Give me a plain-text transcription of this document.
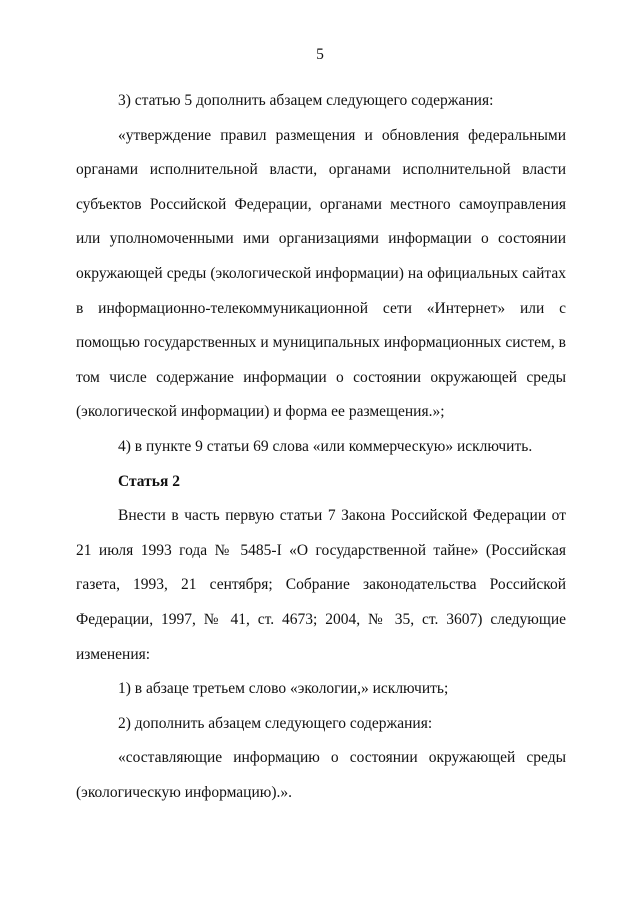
5

3) статью 5 дополнить абзацем следующего содержания:

«утверждение правил размещения и обновления федеральными органами исполнительной власти, органами исполнительной власти субъектов Российской Федерации, органами местного самоуправления или уполномоченными ими организациями информации о состоянии окружающей среды (экологической информации) на официальных сайтах в информационно-телекоммуникационной сети «Интернет» или с помощью государственных и муниципальных информационных систем, в том числе содержание информации о состоянии окружающей среды (экологической информации) и форма ее размещения.»;

4) в пункте 9 статьи 69 слова «или коммерческую» исключить.

Статья 2

Внести в часть первую статьи 7 Закона Российской Федерации от 21 июля 1993 года № 5485-I «О государственной тайне» (Российская газета, 1993, 21 сентября; Собрание законодательства Российской Федерации, 1997, № 41, ст. 4673; 2004, № 35, ст. 3607) следующие изменения:

1) в абзаце третьем слово «экологии,» исключить;

2) дополнить абзацем следующего содержания:

«составляющие информацию о состоянии окружающей среды (экологическую информацию).».
